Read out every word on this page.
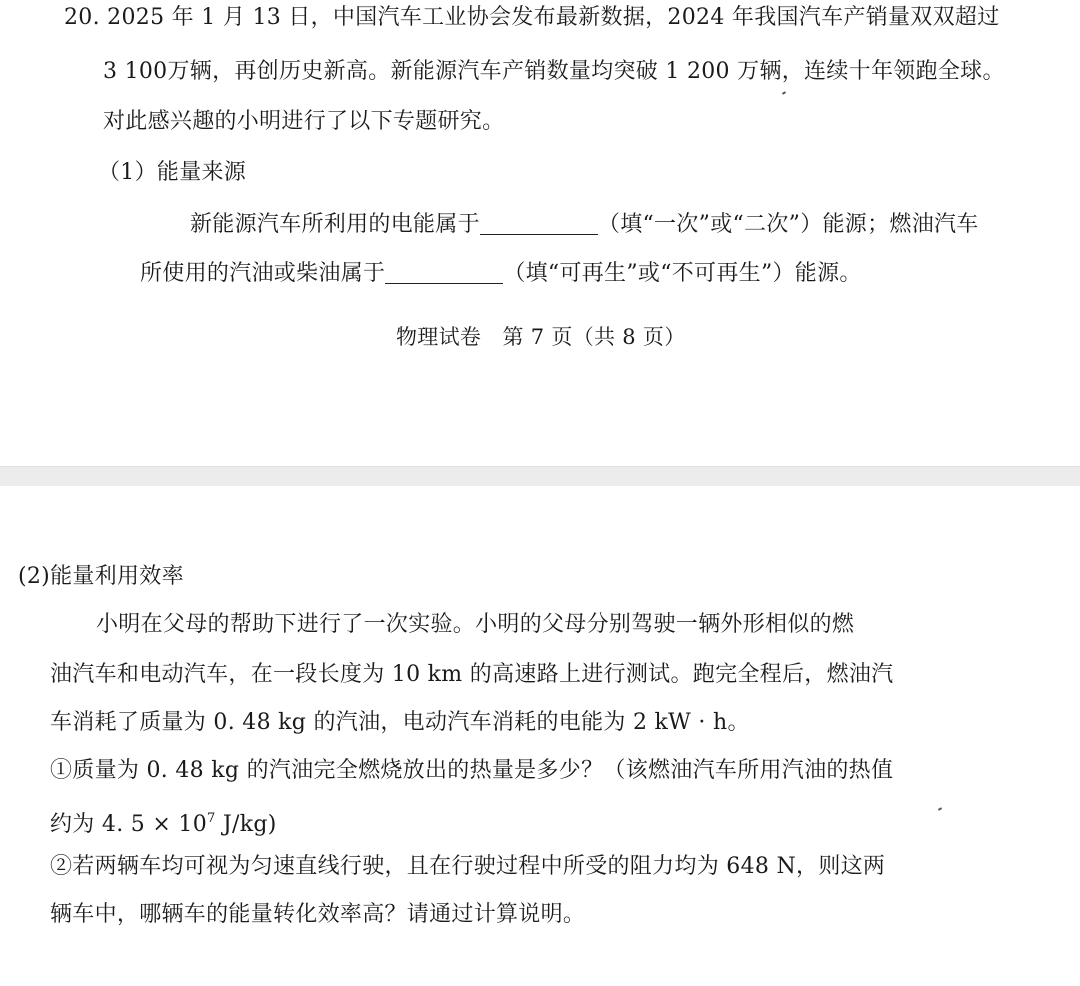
20. 2025 年 1 月 13 日，中国汽车工业协会发布最新数据，2024 年我国汽车产销量双双超过
3 100万辆，再创历史新高。新能源汽车产销数量均突破 1 200 万辆，连续十年领跑全球。
对此感兴趣的小明进行了以下专题研究。
（1）能量来源
新能源汽车所利用的电能属于	（填“一次”或“二次”）能源；燃油汽车
所使用的汽油或柴油属于	（填“可再生”或“不可再生”）能源。
物理试卷　第 7 页（共 8 页）
(2)能量利用效率
小明在父母的帮助下进行了一次实验。小明的父母分别驾驶一辆外形相似的燃
油汽车和电动汽车，在一段长度为 10 km 的高速路上进行测试。跑完全程后，燃油汽
车消耗了质量为 0. 48 kg 的汽油，电动汽车消耗的电能为 2 kW · h。
①质量为 0. 48 kg 的汽油完全燃烧放出的热量是多少？（该燃油汽车所用汽油的热值
约为 4. $5 \times 10^7$ J/kg)
②若两辆车均可视为匀速直线行驶，且在行驶过程中所受的阻力均为 648 N，则这两
辆车中，哪辆车的能量转化效率高？请通过计算说明。
